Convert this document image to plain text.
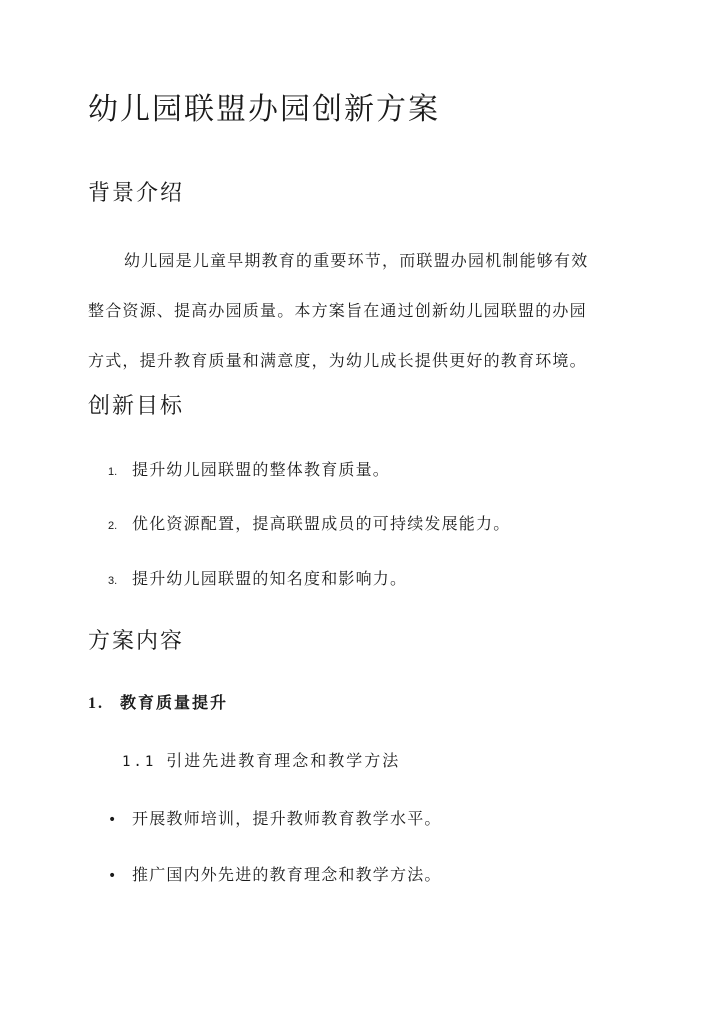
幼儿园联盟办园创新方案
背景介绍
幼儿园是儿童早期教育的重要环节，而联盟办园机制能够有效
整合资源、提高办园质量。本方案旨在通过创新幼儿园联盟的办园
方式，提升教育质量和满意度，为幼儿成长提供更好的教育环境。
创新目标
1. 提升幼儿园联盟的整体教育质量。
2. 优化资源配置，提高联盟成员的可持续发展能力。
3. 提升幼儿园联盟的知名度和影响力。
方案内容
1. 教育质量提升
1.1 引进先进教育理念和教学方法
• 开展教师培训，提升教师教育教学水平。
• 推广国内外先进的教育理念和教学方法。
